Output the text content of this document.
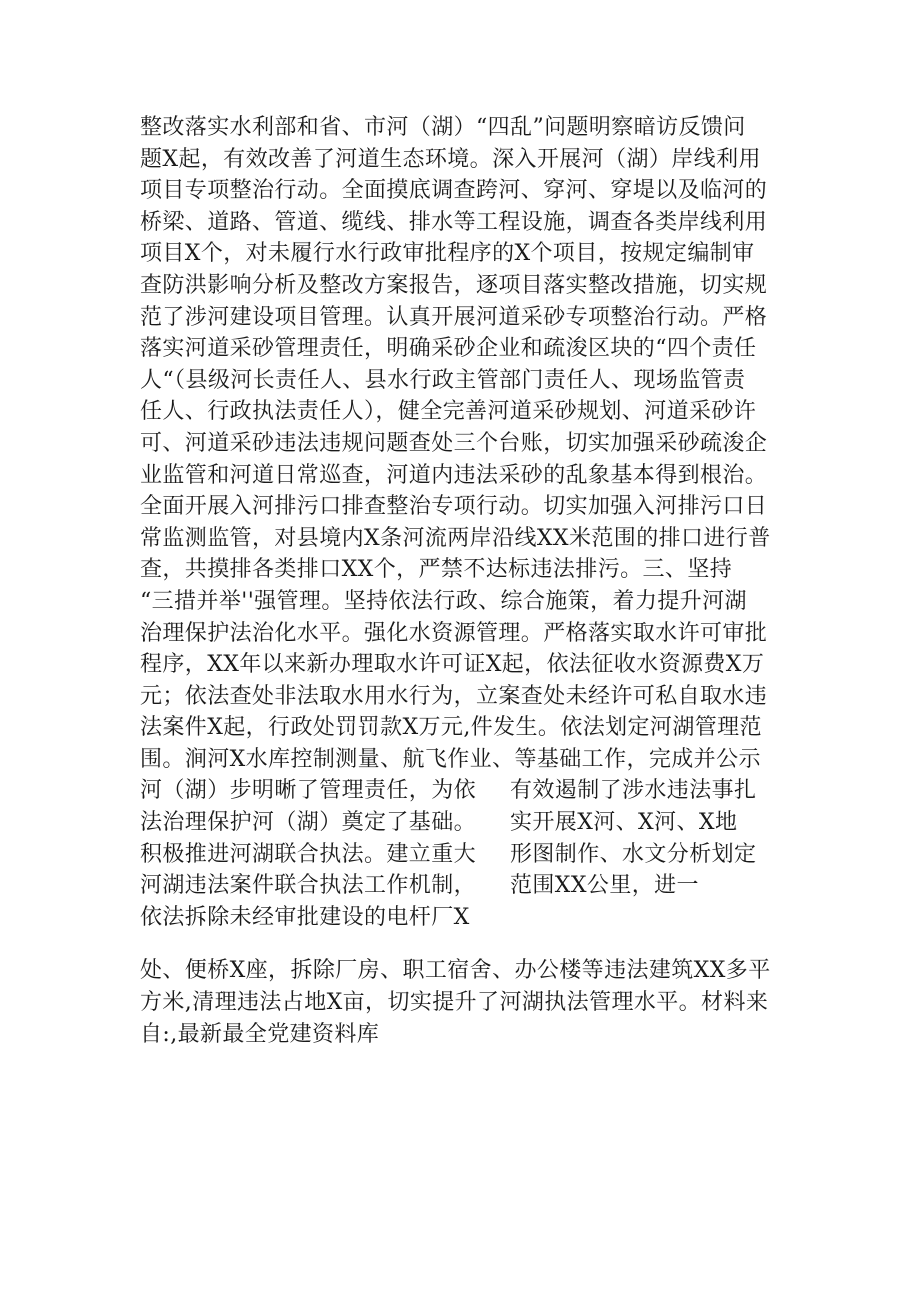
整改落实水利部和省、市河（湖）“四乱”问题明察暗访反馈问
题X起，有效改善了河道生态环境。深入开展河（湖）岸线利用
项目专项整治行动。全面摸底调查跨河、穿河、穿堤以及临河的
桥梁、道路、管道、缆线、排水等工程设施，调查各类岸线利用
项目X个，对未履行水行政审批程序的X个项目，按规定编制审
查防洪影响分析及整改方案报告，逐项目落实整改措施，切实规
范了涉河建设项目管理。认真开展河道采砂专项整治行动。严格
落实河道采砂管理责任，明确采砂企业和疏浚区块的“四个责任
人“（县级河长责任人、县水行政主管部门责任人、现场监管责
任人、行政执法责任人），健全完善河道采砂规划、河道采砂许
可、河道采砂违法违规问题查处三个台账，切实加强采砂疏浚企
业监管和河道日常巡查，河道内违法采砂的乱象基本得到根治。
全面开展入河排污口排查整治专项行动。切实加强入河排污口日
常监测监管，对县境内X条河流两岸沿线XX米范围的排口进行普
查，共摸排各类排口XX个，严禁不达标违法排污。三、坚持
“三措并举''强管理。坚持依法行政、综合施策，着力提升河湖
治理保护法治化水平。强化水资源管理。严格落实取水许可审批
程序，XX年以来新办理取水许可证X起，依法征收水资源费X万
元；依法查处非法取水用水行为，立案查处未经许可私自取水违
法案件X起，行政处罚罚款X万元,件发生。依法划定河湖管理范
围。涧河X水库控制测量、航飞作业、等基础工作，完成并公示
河（湖）步明晰了管理责任，为依	有效遏制了涉水违法事扎
法治理保护河（湖）奠定了基础。	实开展X河、X河、X地
积极推进河湖联合执法。建立重大	形图制作、水文分析划定
河湖违法案件联合执法工作机制，	范围XX公里，进一
依法拆除未经审批建设的电杆厂X
处、便桥X座，拆除厂房、职工宿舍、办公楼等违法建筑XX多平
方米,清理违法占地X亩，切实提升了河湖执法管理水平。材料来
自:,最新最全党建资料库
